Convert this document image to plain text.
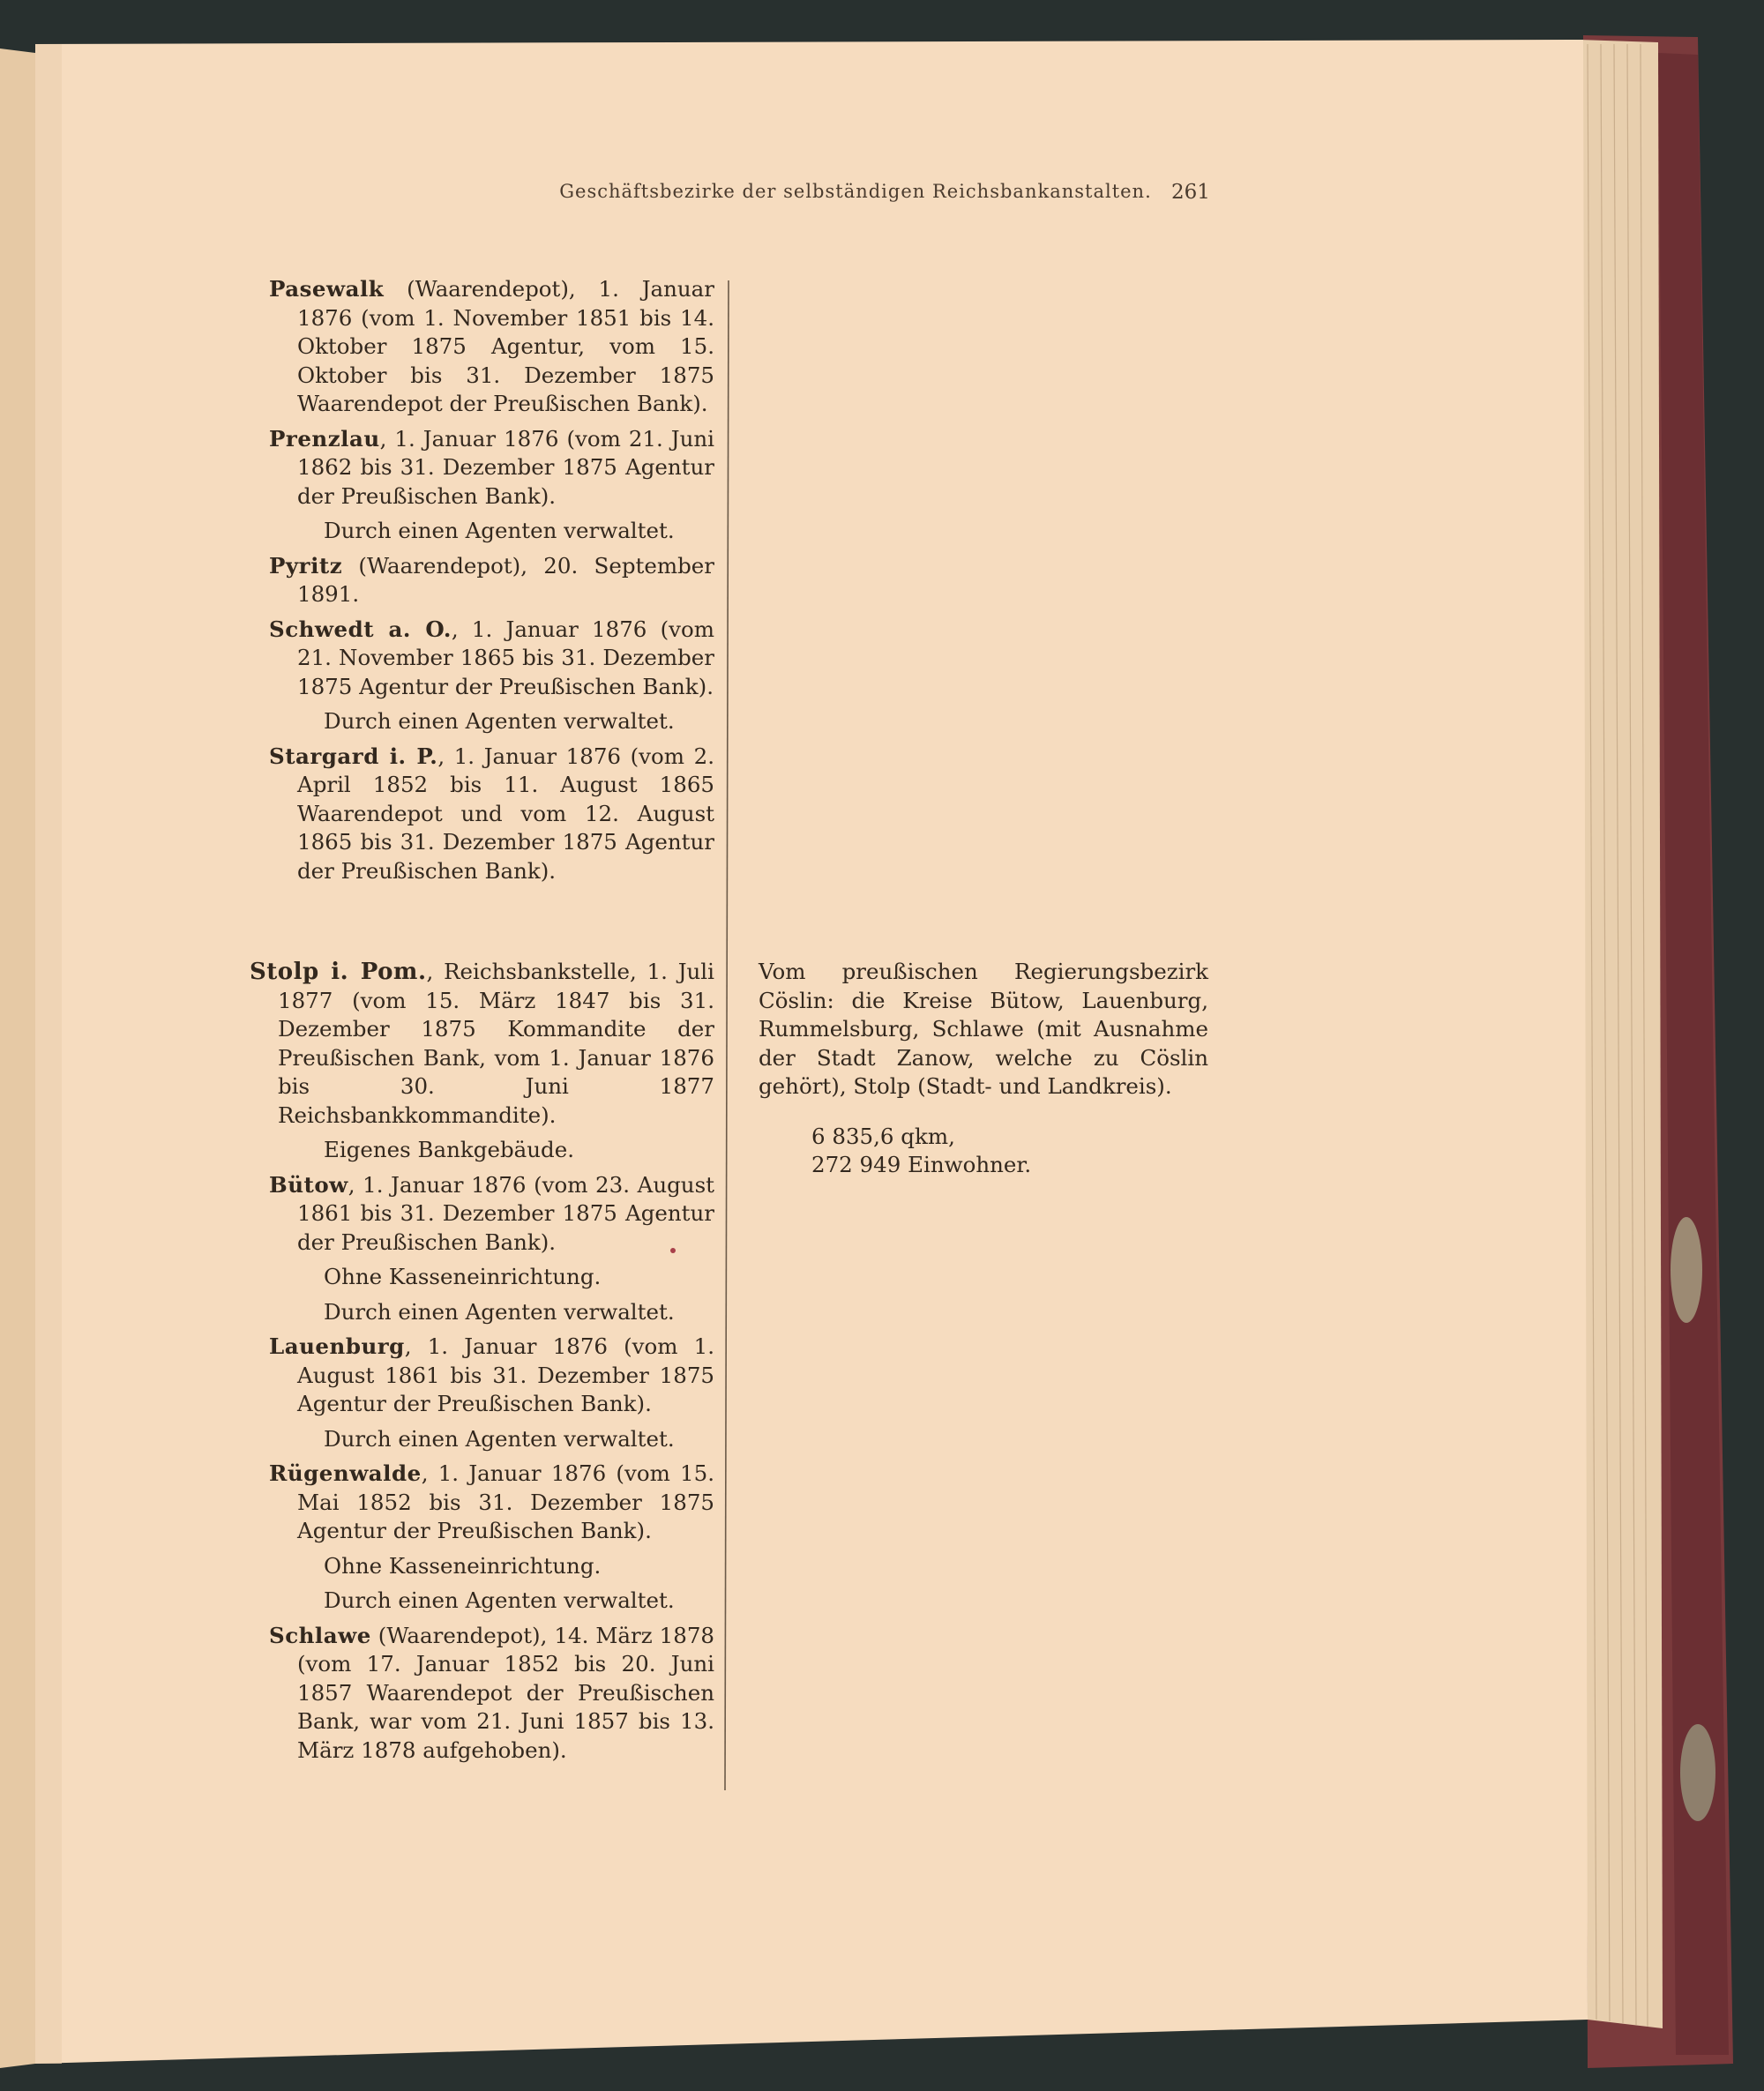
Geschäftsbezirke der selbständigen Reichsbankanstalten. 261

Pasewalk (Waarendepot), 1. Januar 1876 (vom 1. November 1851 bis 14. Oktober 1875 Agentur, vom 15. Oktober bis 31. Dezember 1875 Waarendepot der Preußischen Bank).

Prenzlau, 1. Januar 1876 (vom 21. Juni 1862 bis 31. Dezember 1875 Agentur der Preußischen Bank).

Durch einen Agenten verwaltet.

Pyritz (Waarendepot), 20. September 1891.

Schwedt a. O., 1. Januar 1876 (vom 21. November 1865 bis 31. Dezember 1875 Agentur der Preußischen Bank).

Durch einen Agenten verwaltet.

Stargard i. P., 1. Januar 1876 (vom 2. April 1852 bis 11. August 1865 Waarendepot und vom 12. August 1865 bis 31. Dezember 1875 Agentur der Preußischen Bank).

Stolp i. Pom., Reichsbankstelle, 1. Juli 1877 (vom 15. März 1847 bis 31. Dezember 1875 Kommandite der Preußischen Bank, vom 1. Januar 1876 bis 30. Juni 1877 Reichsbankkommandite).

Eigenes Bankgebäude.

Bütow, 1. Januar 1876 (vom 23. August 1861 bis 31. Dezember 1875 Agentur der Preußischen Bank).

Ohne Kasseneinrichtung.

Durch einen Agenten verwaltet.

Lauenburg, 1. Januar 1876 (vom 1. August 1861 bis 31. Dezember 1875 Agentur der Preußischen Bank).

Durch einen Agenten verwaltet.

Rügenwalde, 1. Januar 1876 (vom 15. Mai 1852 bis 31. Dezember 1875 Agentur der Preußischen Bank).

Ohne Kasseneinrichtung.

Durch einen Agenten verwaltet.

Schlawe (Waarendepot), 14. März 1878 (vom 17. Januar 1852 bis 20. Juni 1857 Waarendepot der Preußischen Bank, war vom 21. Juni 1857 bis 13. März 1878 aufgehoben).

Vom preußischen Regierungsbezirk Cöslin: die Kreise Bütow, Lauenburg, Rummelsburg, Schlawe (mit Ausnahme der Stadt Zanow, welche zu Cöslin gehört), Stolp (Stadt- und Landkreis).

6 835,6 qkm,
272 949 Einwohner.
